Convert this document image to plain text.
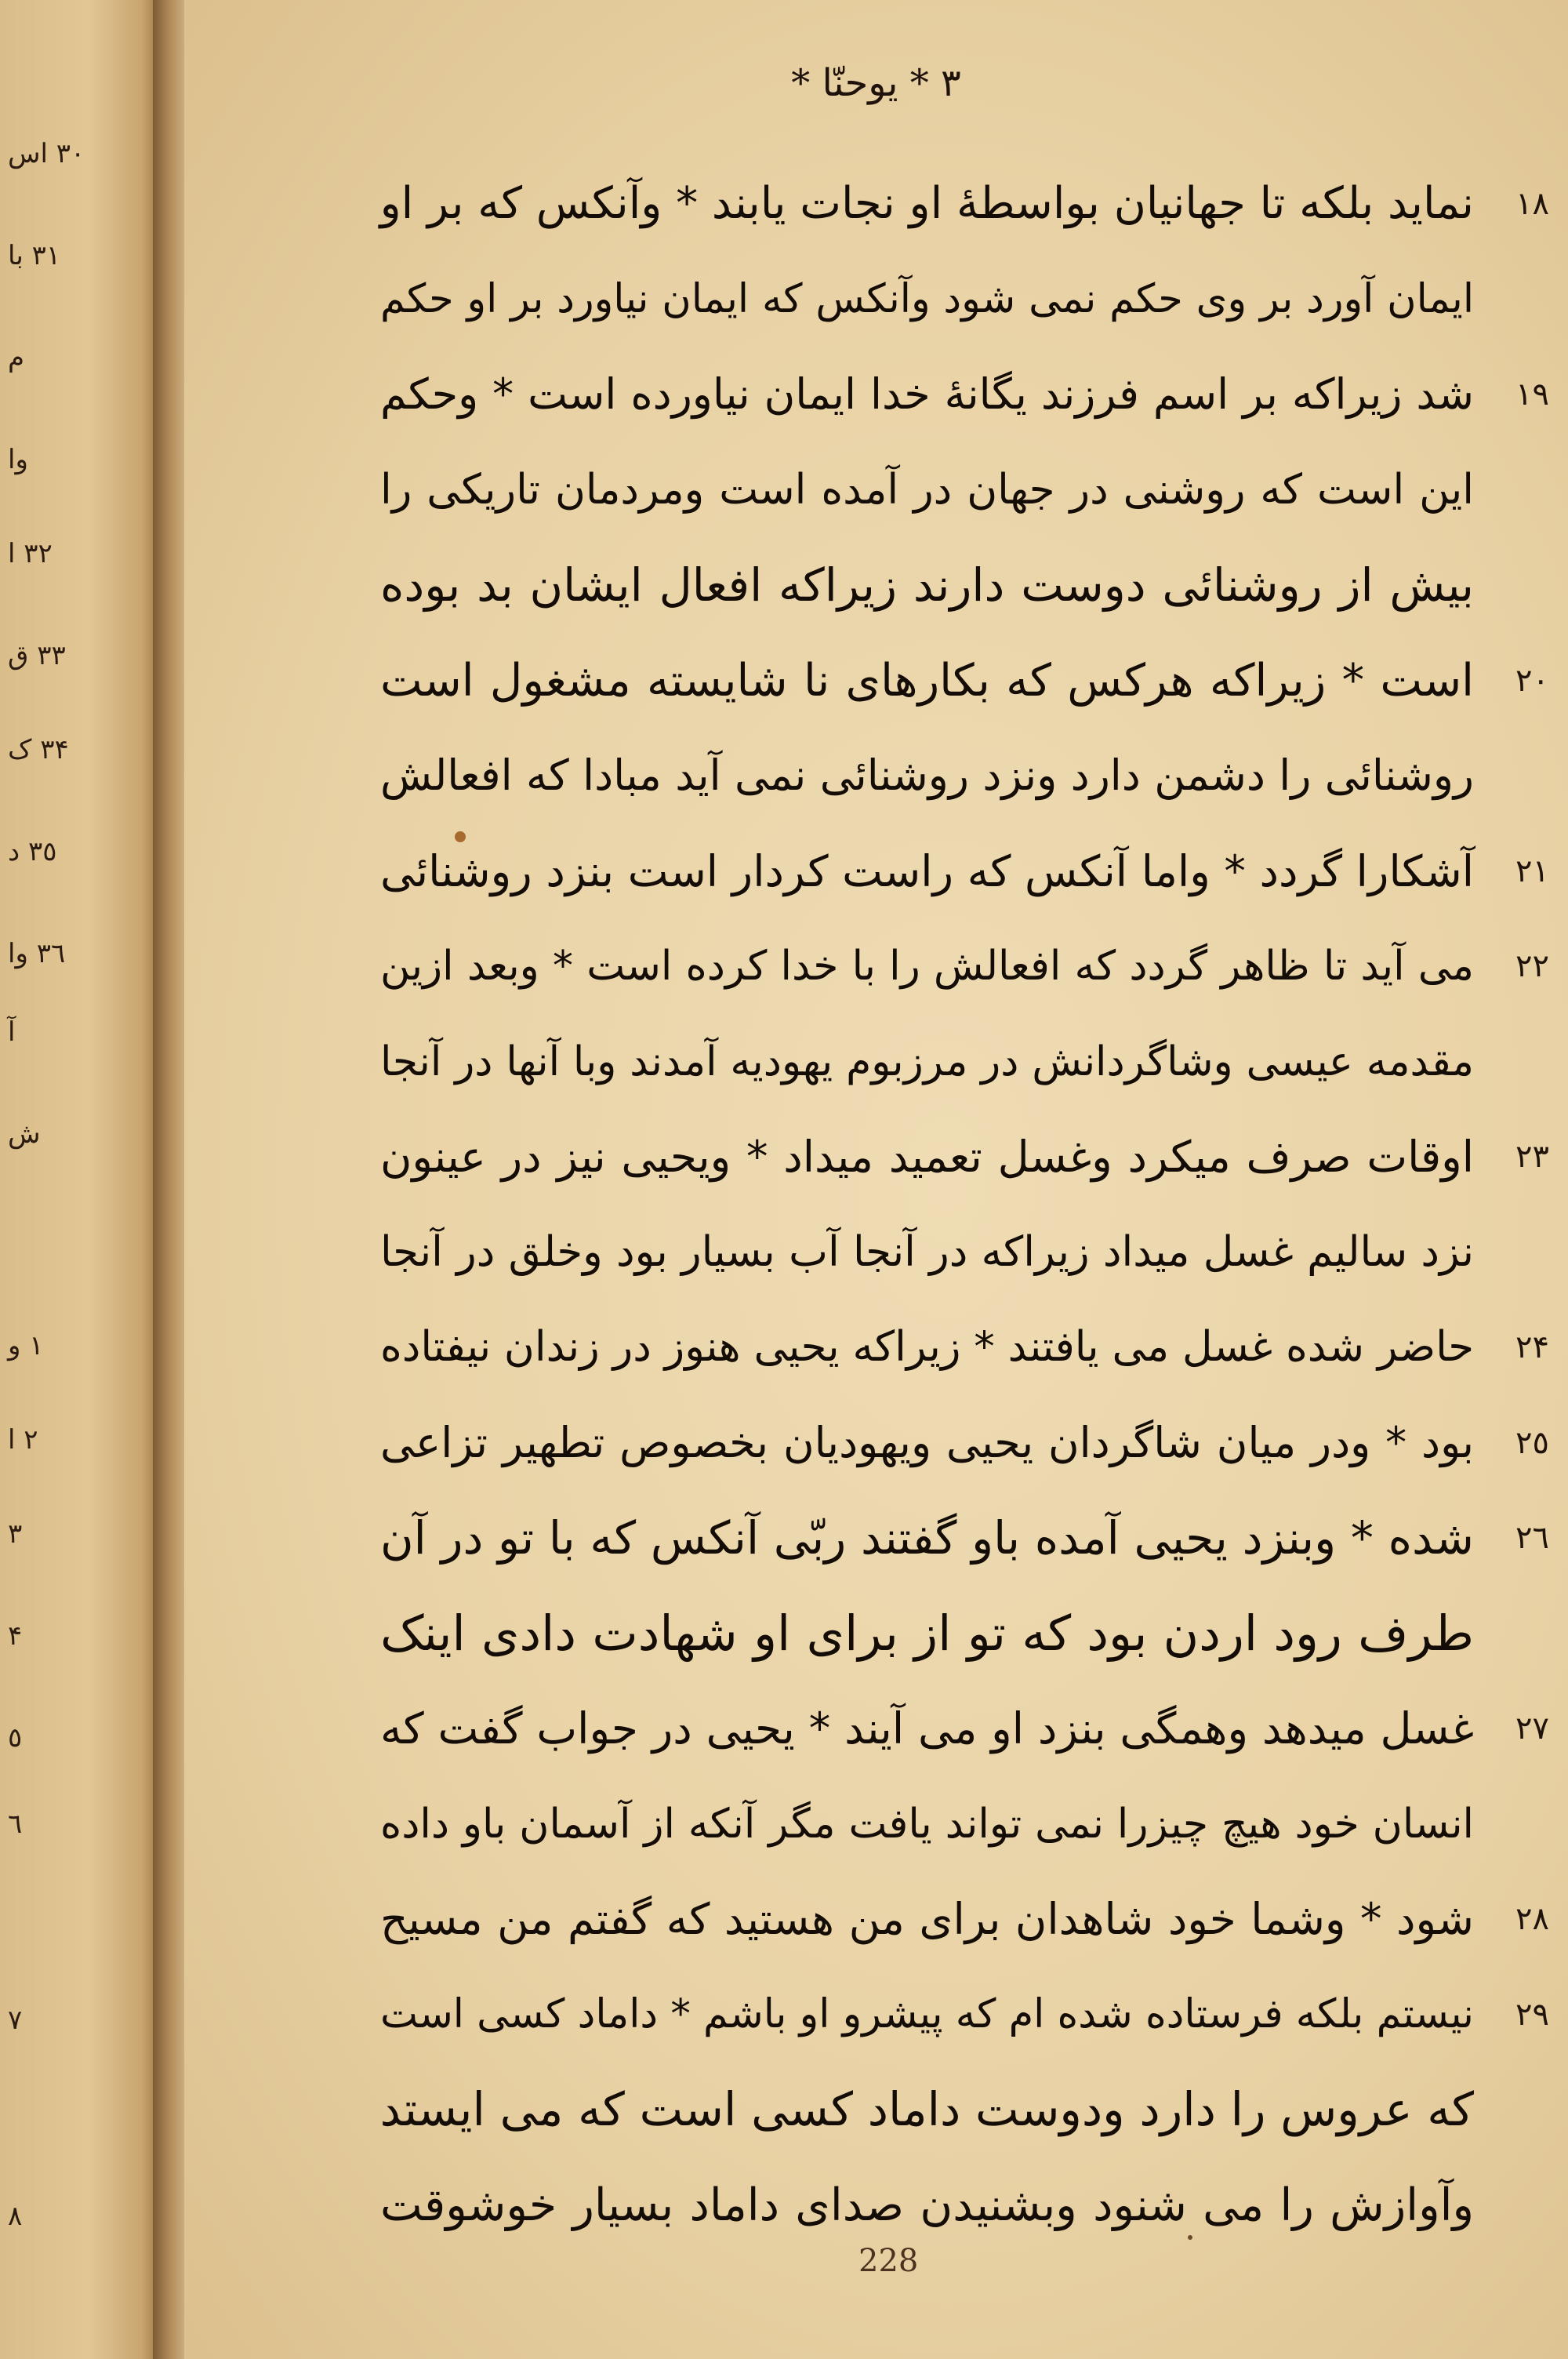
٣٠ اس
٣١ با
م
وا
٣٢ ا
٣٣ ق
٣۴ ک
٣٥ د
٣٦ وا
آ
ش
١ و
٢ ا
٣
۴
٥
٦
٧
٨
* ٣ * یوحنّا
١٨
نماید بلکه تا جهانیان بواسطهٔ او نجات یابند * وآنکس که بر او
ایمان آورد بر وی حکم نمی شود وآنکس که ایمان نیاورد بر او حکم
١٩
شد زیراکه بر اسم فرزند یگانهٔ خدا ایمان نیاورده است * وحکم
این است که روشنی در جهان در آمده است ومردمان تاریکی را
بیش از روشنائی دوست دارند زیراکه افعال ایشان بد بوده
٢٠
است * زیراکه هرکس که بکارهای نا شایسته مشغول است
روشنائی را دشمن دارد ونزد روشنائی نمی آید مبادا که افعالش
٢١
آشکارا گردد * واما آنکس که راست کردار است بنزد روشنائی
٢٢
می آید تا ظاهر گردد که افعالش را با خدا کرده است * وبعد ازین
مقدمه عیسی وشاگردانش در مرزبوم یهودیه آمدند وبا آنها در آنجا
٢٣
اوقات صرف میکرد وغسل تعمید میداد * ویحیی نیز در عینون
نزد سالیم غسل میداد زیراکه در آنجا آب بسیار بود وخلق در آنجا
٢۴
حاضر شده غسل می یافتند * زیراکه یحیی هنوز در زندان نیفتاده
٢٥
بود * ودر میان شاگردان یحیی ویهودیان بخصوص تطهیر تزاعی
٢٦
شده * وبنزد یحیی آمده باو گفتند ربّی آنکس که با تو در آن
طرف رود اردن بود که تو از برای او شهادت دادی اینک
٢٧
غسل میدهد وهمگی بنزد او می آیند * یحیی در جواب گفت که
انسان خود هیچ چیزرا نمی تواند یافت مگر آنکه از آسمان باو داده
٢٨
شود * وشما خود شاهدان برای من هستید که گفتم من مسیح
٢٩
نیستم بلکه فرستاده شده ام که پیشرو او باشم * داماد کسی است
که عروس را دارد ودوست داماد کسی است که می ایستد
وآوازش را می شنود وبشنیدن صدای داماد بسیار خوشوقت
228
